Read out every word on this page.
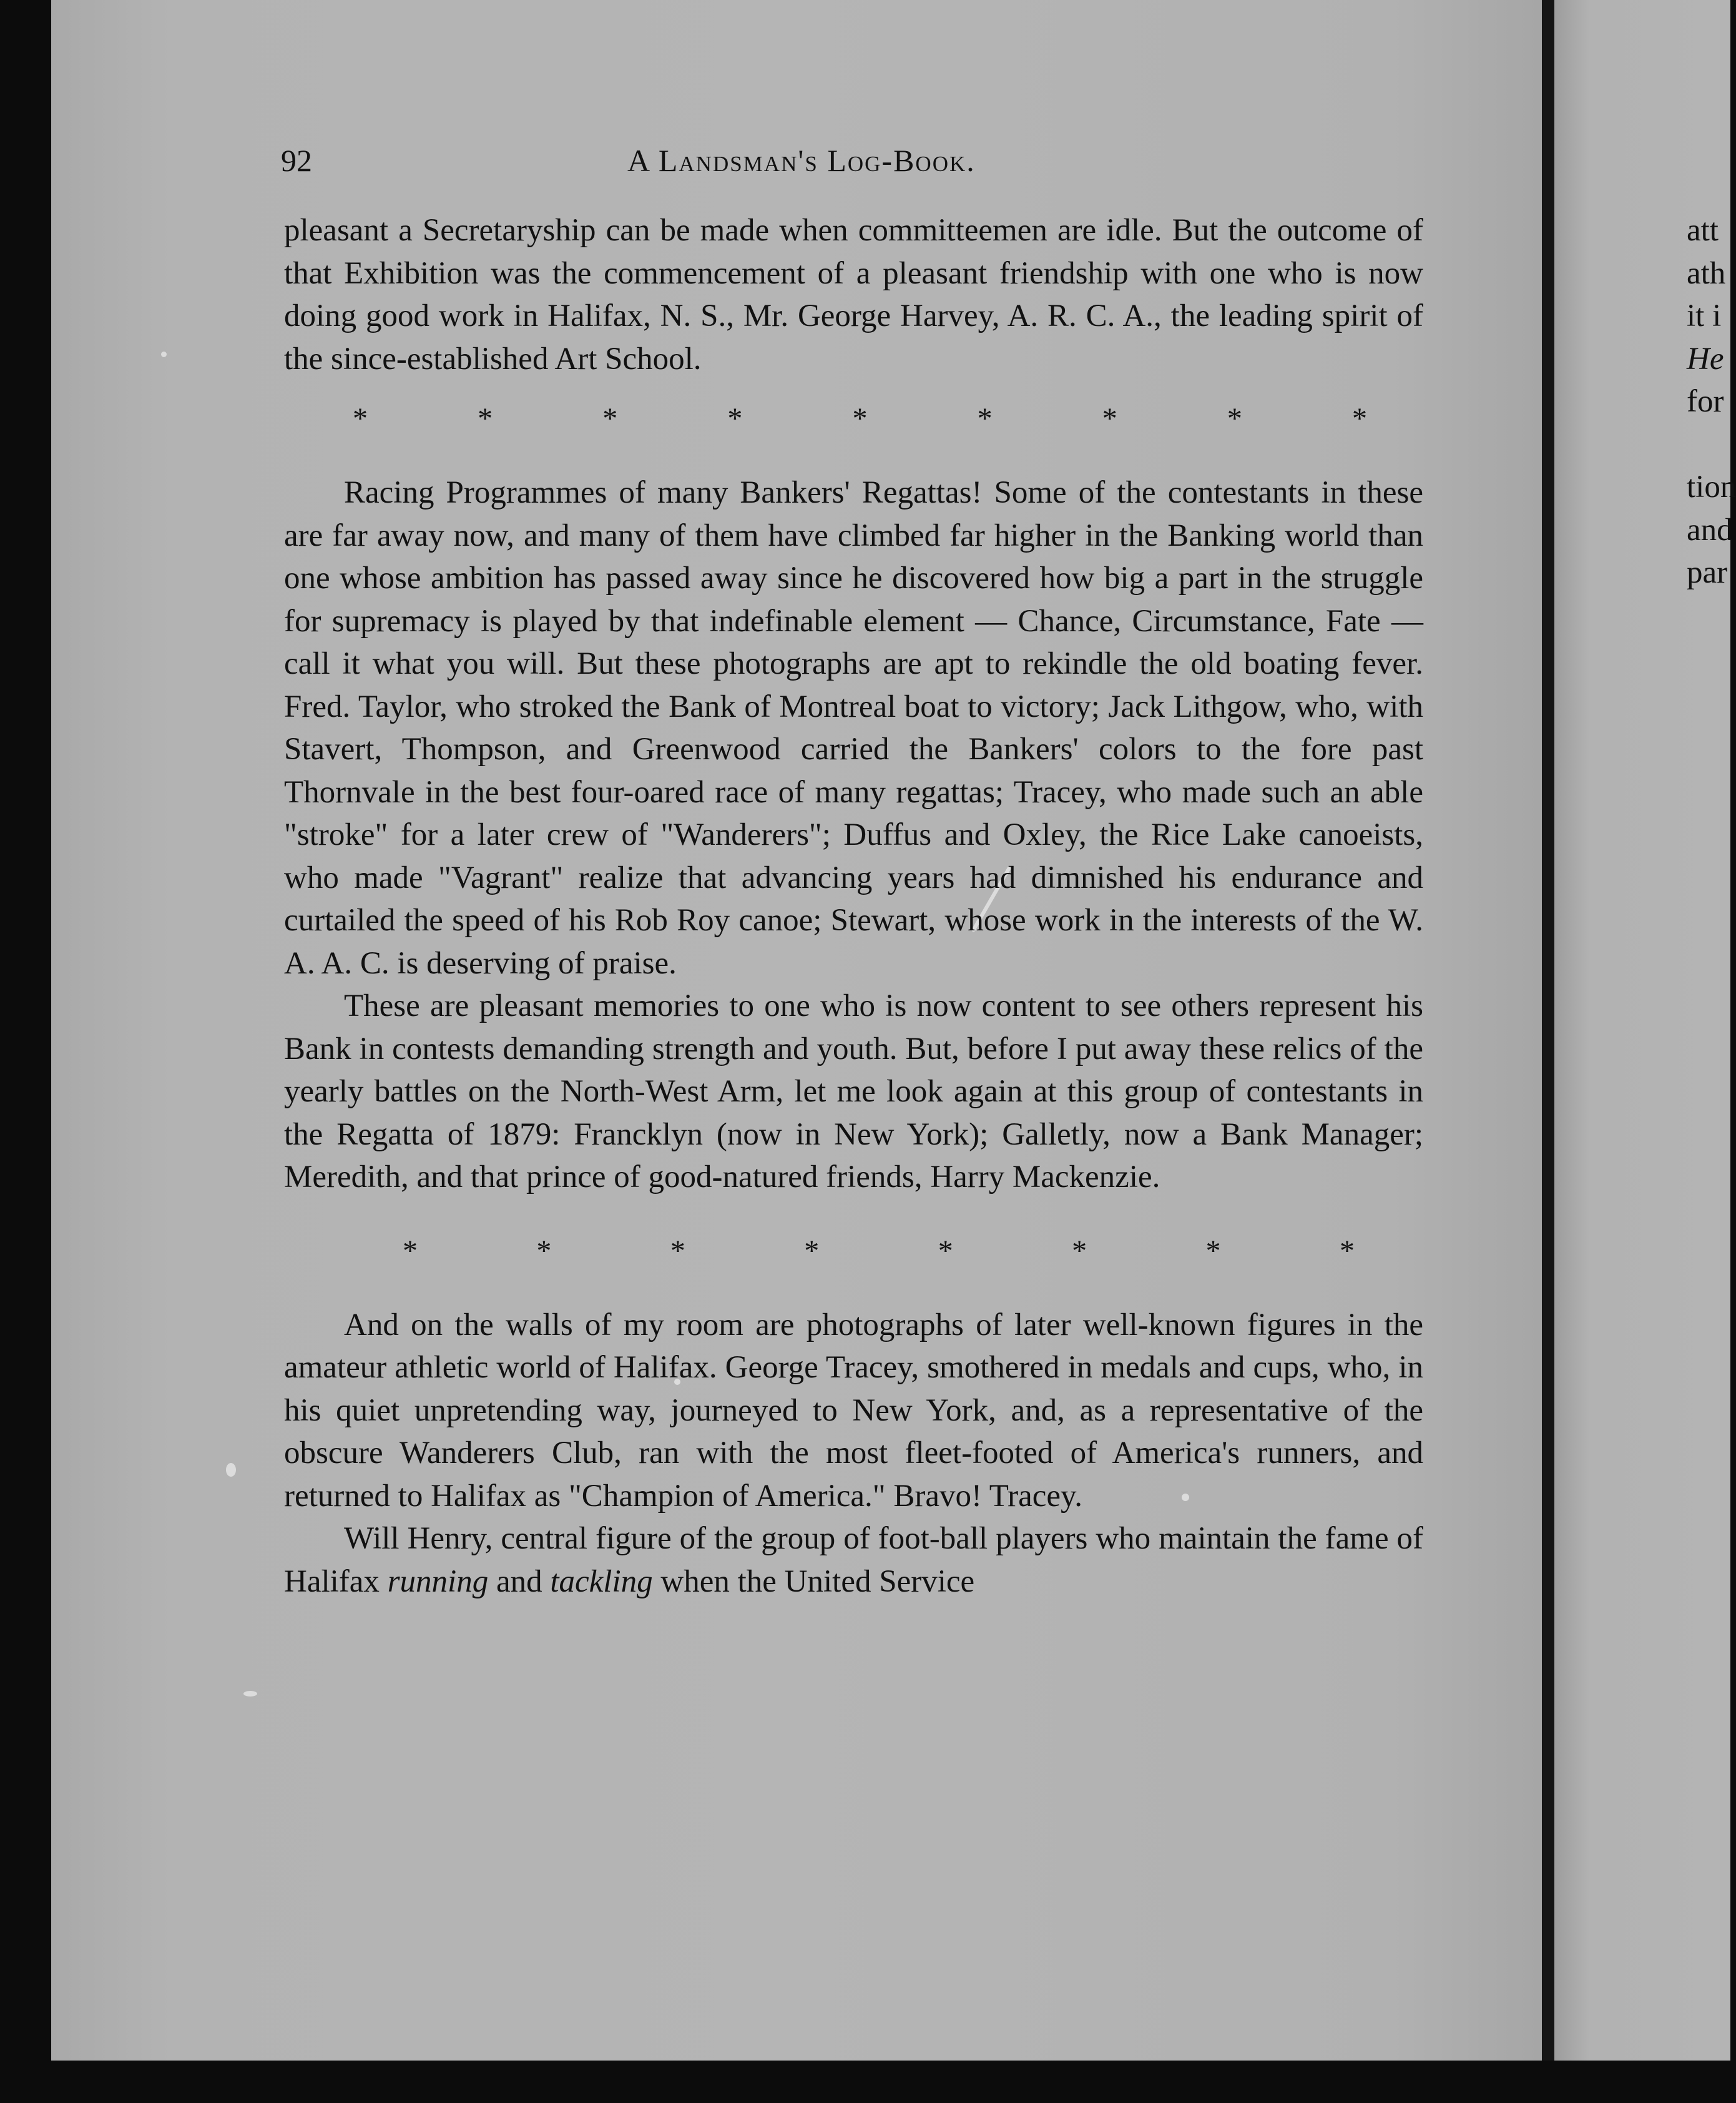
92	A Landsman's Log-Book.

pleasant a Secretaryship can be made when committeemen are idle. But the outcome of that Exhibition was the commencement of a pleasant friendship with one who is now doing good work in Halifax, N. S., Mr. George Harvey, A. R. C. A., the leading spirit of the since-established Art School.

*	*	*	*	*	*	*	*	*

Racing Programmes of many Bankers' Regattas! Some of the contestants in these are far away now, and many of them have climbed far higher in the Banking world than one whose ambition has passed away since he discovered how big a part in the struggle for supremacy is played by that indefinable element — Chance, Circumstance, Fate — call it what you will. But these photographs are apt to rekindle the old boating fever. Fred. Taylor, who stroked the Bank of Montreal boat to victory; Jack Lithgow, who, with Stavert, Thompson, and Greenwood carried the Bankers' colors to the fore past Thornvale in the best four-oared race of many regattas; Tracey, who made such an able "stroke" for a later crew of "Wanderers"; Duffus and Oxley, the Rice Lake canoeists, who made "Vagrant" realize that advancing years had dimnished his endurance and curtailed the speed of his Rob Roy canoe; Stewart, whose work in the interests of the W. A. A. C. is deserving of praise.

These are pleasant memories to one who is now content to see others represent his Bank in contests demanding strength and youth. But, before I put away these relics of the yearly battles on the North-West Arm, let me look again at this group of contestants in the Regatta of 1879: Francklyn (now in New York); Galletly, now a Bank Manager; Meredith, and that prince of good-natured friends, Harry Mackenzie.

*	*	*	*	*	*	*	*

And on the walls of my room are photographs of later well-known figures in the amateur athletic world of Halifax. George Tracey, smothered in medals and cups, who, in his quiet unpretending way, journeyed to New York, and, as a representative of the obscure Wanderers Club, ran with the most fleet-footed of America's runners, and returned to Halifax as "Champion of America." Bravo! Tracey.

Will Henry, central figure of the group of foot-ball players who maintain the fame of Halifax running and tackling when the United Service

att
ath
it i
He
for
tion
and
par
